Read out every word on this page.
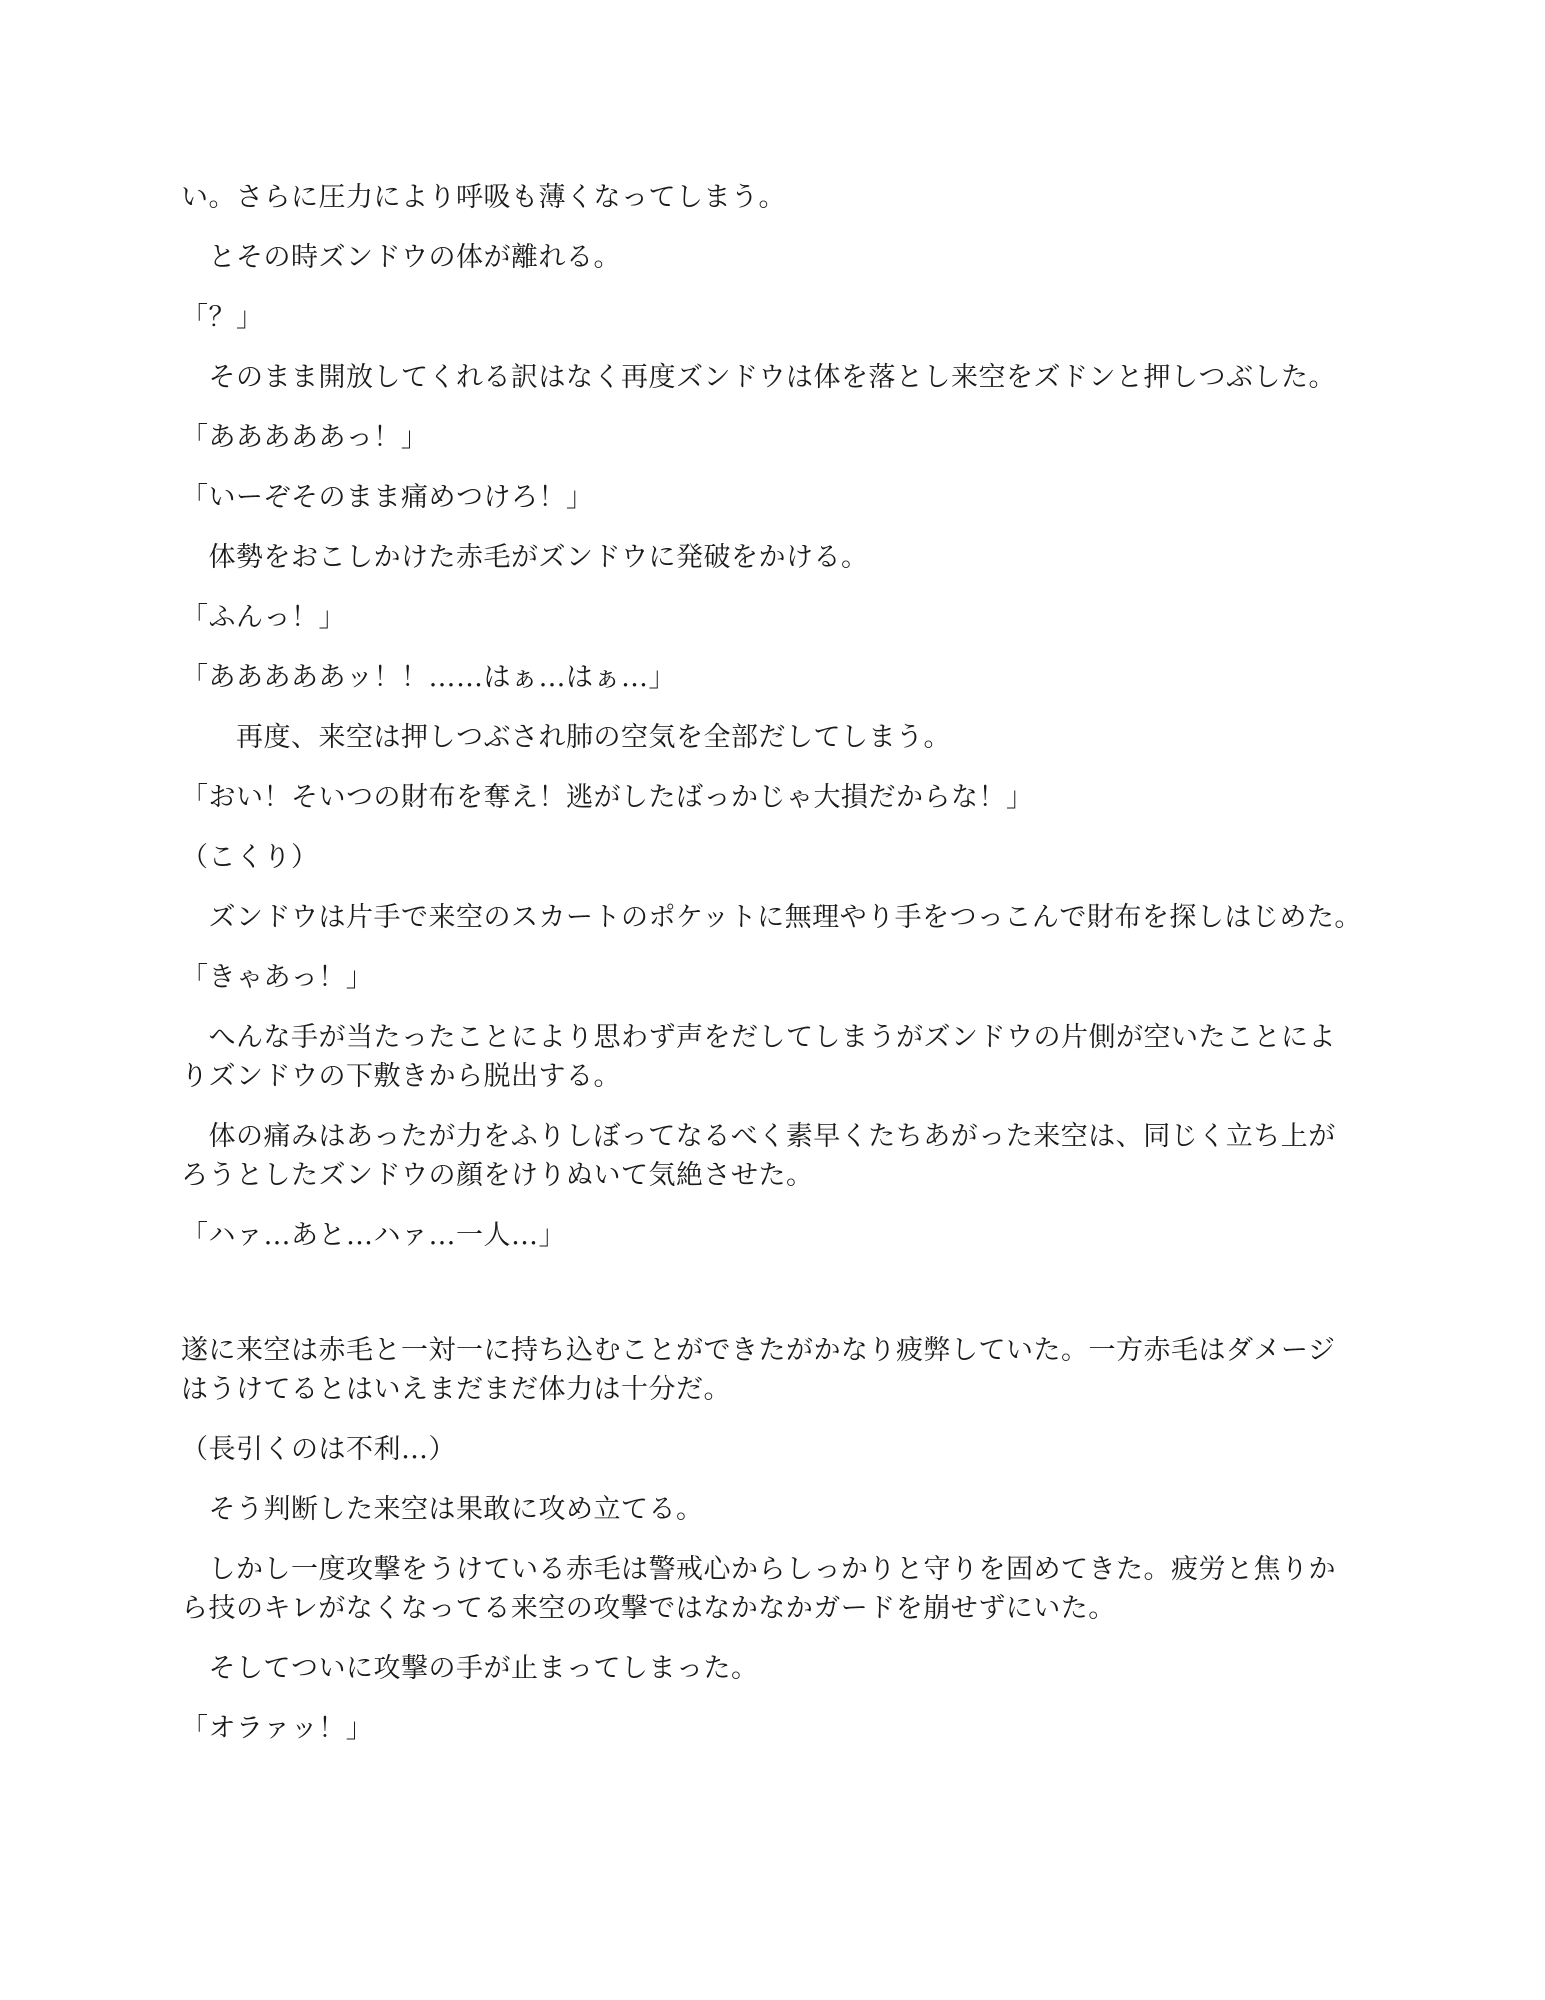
い。さらに圧力により呼吸も薄くなってしまう。
　とその時ズンドウの体が離れる。
「？」
　そのまま開放してくれる訳はなく再度ズンドウは体を落とし来空をズドンと押しつぶした。
「あああああっ！」
「いーぞそのまま痛めつけろ！」
　体勢をおこしかけた赤毛がズンドウに発破をかける。
「ふんっ！」
「あああああッ！！……はぁ…はぁ…」
　　再度、来空は押しつぶされ肺の空気を全部だしてしまう。
「おい！そいつの財布を奪え！逃がしたばっかじゃ大損だからな！」
（こくり）
　ズンドウは片手で来空のスカートのポケットに無理やり手をつっこんで財布を探しはじめた。
「きゃあっ！」
　へんな手が当たったことにより思わず声をだしてしまうがズンドウの片側が空いたことによ
りズンドウの下敷きから脱出する。
　体の痛みはあったが力をふりしぼってなるべく素早くたちあがった来空は、同じく立ち上が
ろうとしたズンドウの顔をけりぬいて気絶させた。
「ハァ…あと…ハァ…一人…」
遂に来空は赤毛と一対一に持ち込むことができたがかなり疲弊していた。一方赤毛はダメージ
はうけてるとはいえまだまだ体力は十分だ。
（長引くのは不利…）
　そう判断した来空は果敢に攻め立てる。
　しかし一度攻撃をうけている赤毛は警戒心からしっかりと守りを固めてきた。疲労と焦りか
ら技のキレがなくなってる来空の攻撃ではなかなかガードを崩せずにいた。
　そしてついに攻撃の手が止まってしまった。
「オラァッ！」
